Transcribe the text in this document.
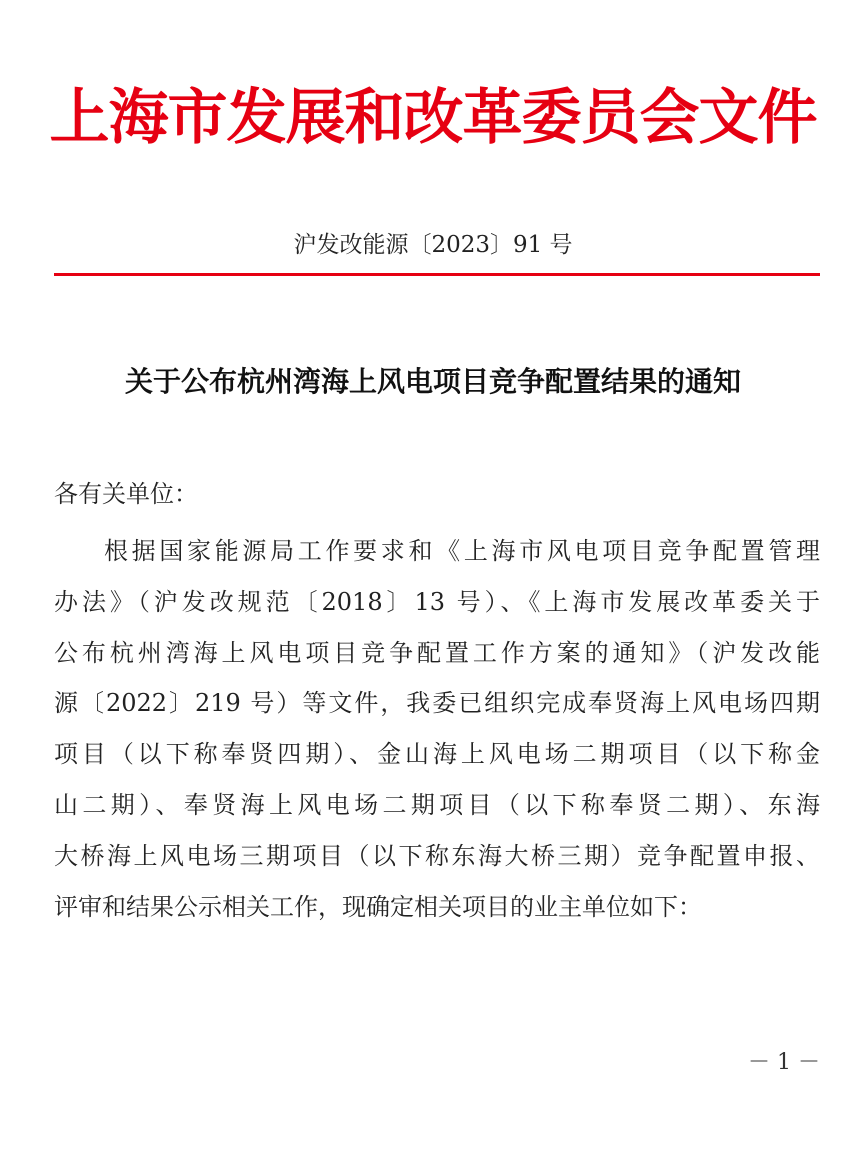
上海市发展和改革委员会文件
沪发改能源〔2023〕91 号
关于公布杭州湾海上风电项目竞争配置结果的通知
各有关单位：
根据国家能源局工作要求和《上海市风电项目竞争配置管理
办法》（沪发改规范〔2018〕13 号）、《上海市发展改革委关于
公布杭州湾海上风电项目竞争配置工作方案的通知》（沪发改能
源〔2022〕219 号）等文件，我委已组织完成奉贤海上风电场四期
项目（以下称奉贤四期）、金山海上风电场二期项目（以下称金
山二期）、奉贤海上风电场二期项目（以下称奉贤二期）、东海
大桥海上风电场三期项目（以下称东海大桥三期）竞争配置申报、
评审和结果公示相关工作，现确定相关项目的业主单位如下：
－ 1 －
